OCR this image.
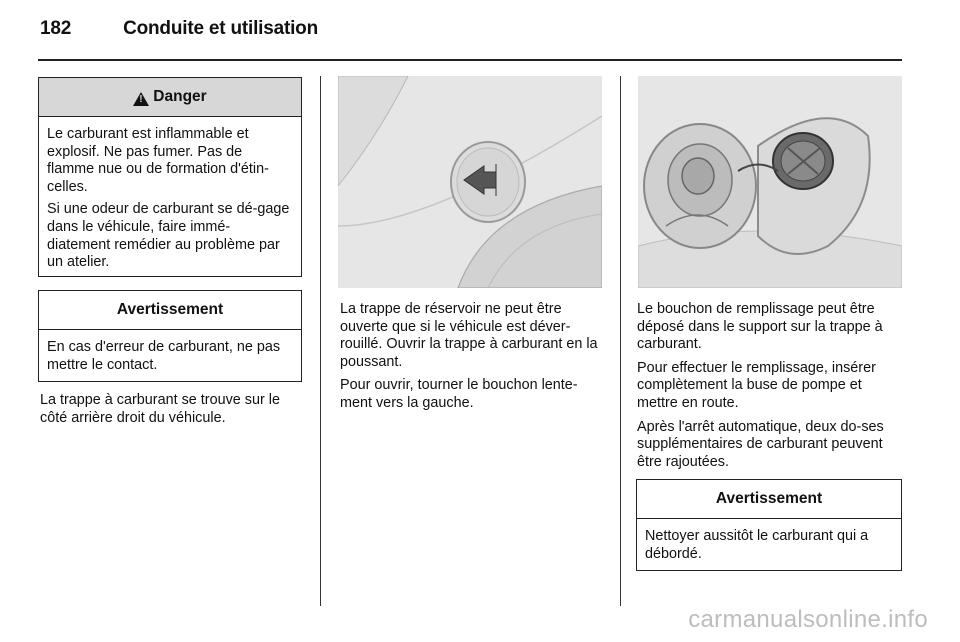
182	Conduite et utilisation
!
Danger

Le carburant est inflammable et explosif. Ne pas fumer. Pas de flamme nue ou de formation d'étin-celles.

Si une odeur de carburant se dé-gage dans le véhicule, faire immé-diatement remédier au problème par un atelier.

Avertissement

En cas d'erreur de carburant, ne pas mettre le contact.

La trappe à carburant se trouve sur le côté arrière droit du véhicule.

La trappe de réservoir ne peut être ouverte que si le véhicule est déver-rouillé. Ouvrir la trappe à carburant en la poussant.

Pour ouvrir, tourner le bouchon lente-ment vers la gauche.

Le bouchon de remplissage peut être déposé dans le support sur la trappe à carburant.

Pour effectuer le remplissage, insérer complètement la buse de pompe et mettre en route.

Après l'arrêt automatique, deux do-ses supplémentaires de carburant peuvent être rajoutées.

Avertissement

Nettoyer aussitôt le carburant qui a débordé.

carmanualsonline.info
